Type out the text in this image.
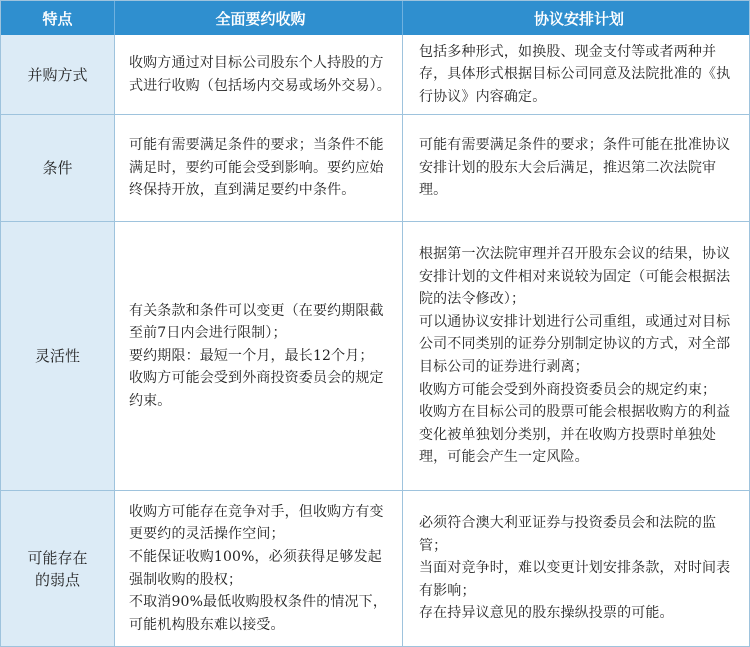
特点	全面要约收购	协议安排计划
并购方式

收购方通过对目标公司股东个人持股的方式进行收购（包括场内交易或场外交易）。

包括多种形式，如换股、现金支付等或者两种并存，具体形式根据目标公司同意及法院批准的《执行协议》内容确定。

条件

可能有需要满足条件的要求；当条件不能满足时，要约可能会受到影响。要约应始终保持开放，直到满足要约中条件。

可能有需要满足条件的要求；条件可能在批准协议安排计划的股东大会后满足，推迟第二次法院审理。

灵活性

有关条款和条件可以变更（在要约期限截至前7日内会进行限制）；

要约期限：最短一个月，最长12个月；

收购方可能会受到外商投资委员会的规定约束。

根据第一次法院审理并召开股东会议的结果，协议安排计划的文件相对来说较为固定（可能会根据法院的法令修改）；

可以通协议安排计划进行公司重组，或通过对目标公司不同类别的证券分别制定协议的方式，对全部目标公司的证券进行剥离；

收购方可能会受到外商投资委员会的规定约束；

收购方在目标公司的股票可能会根据收购方的利益变化被单独划分类别，并在收购方投票时单独处理，可能会产生一定风险。

可能存在的弱点

收购方可能存在竞争对手，但收购方有变更要约的灵活操作空间；

不能保证收购100%，必须获得足够发起强制收购的股权；

不取消90%最低收购股权条件的情况下，可能机构股东难以接受。

必须符合澳大利亚证券与投资委员会和法院的监管；

当面对竞争时，难以变更计划安排条款，对时间表有影响；

存在持异议意见的股东操纵投票的可能。
